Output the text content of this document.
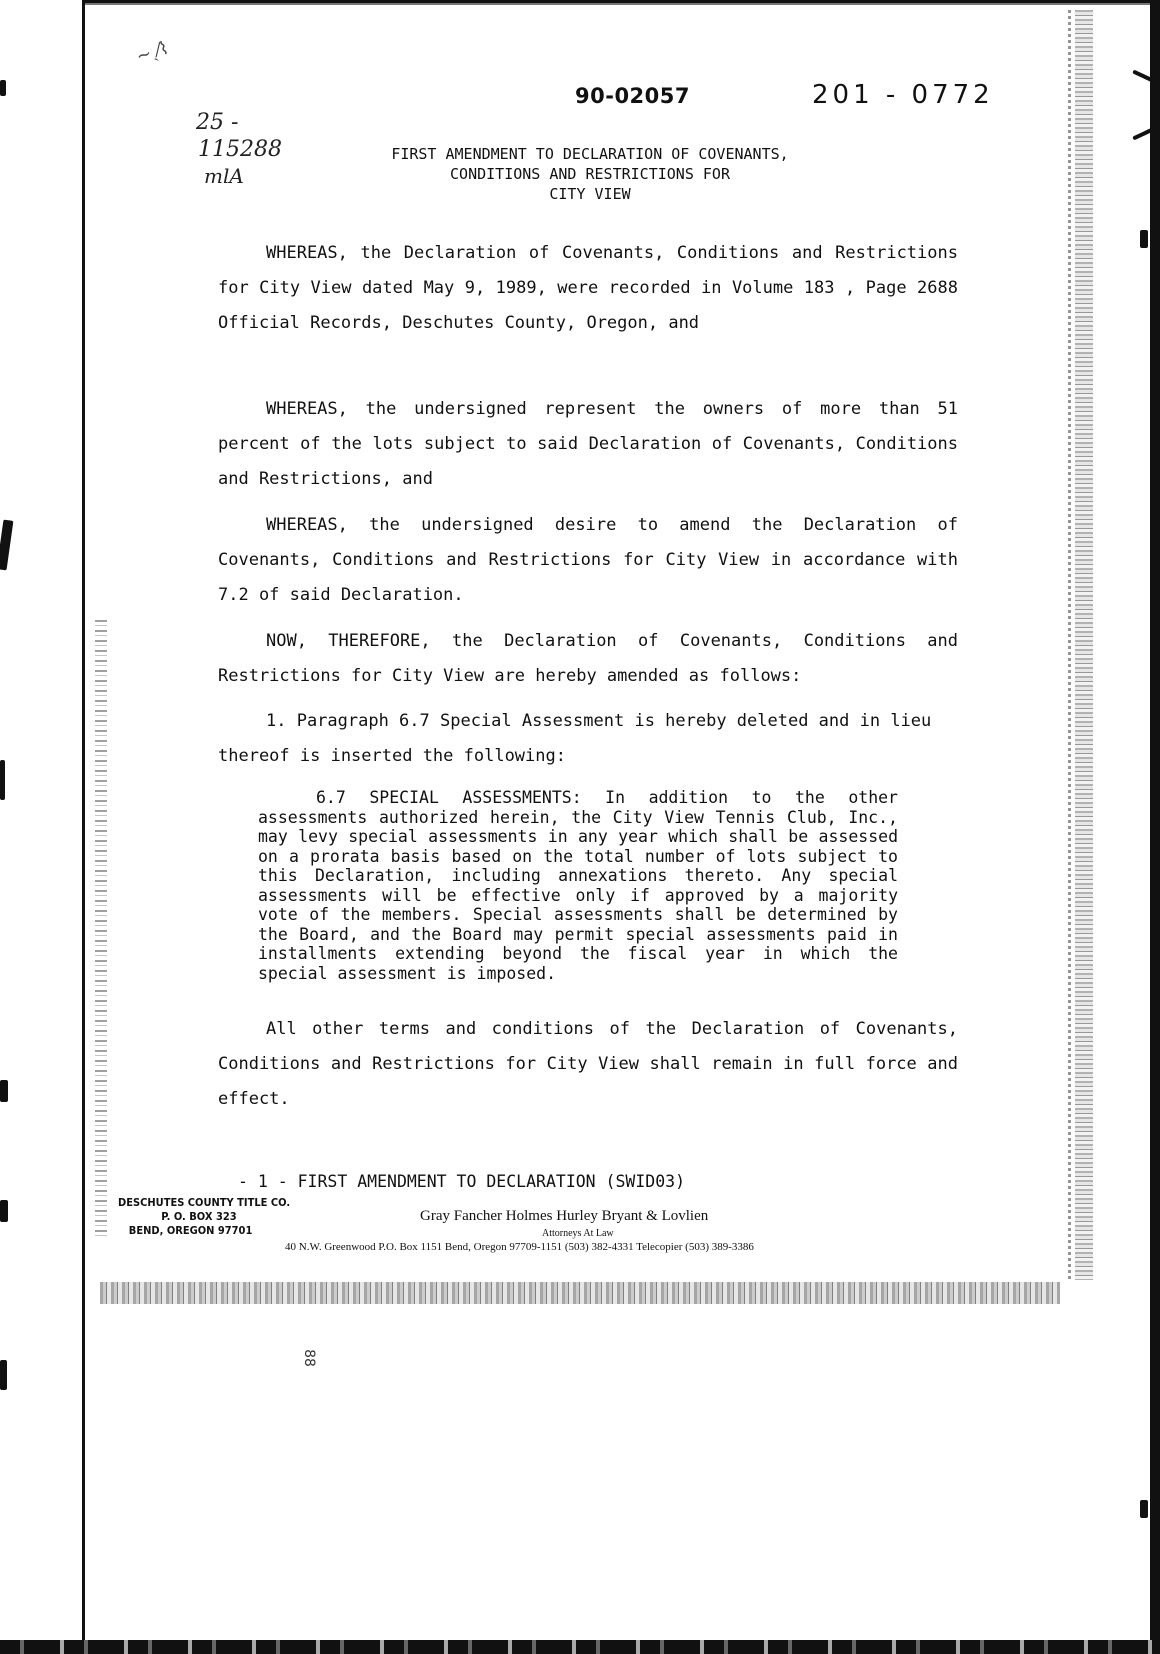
~ˏ⁄⌇
90-02057	201 - 0772
25 -
115288
mlA
FIRST AMENDMENT TO DECLARATION OF COVENANTS,
CONDITIONS AND RESTRICTIONS FOR
CITY VIEW
WHEREAS, the Declaration of Covenants, Conditions and Restrictions for City View dated May 9, 1989, were recorded in Volume 183 , Page 2688 Official Records, Deschutes County, Oregon, and
WHEREAS, the undersigned represent the owners of more than 51 percent of the lots subject to said Declaration of Covenants, Conditions and Restrictions, and
WHEREAS, the undersigned desire to amend the Declaration of Covenants, Conditions and Restrictions for City View in accordance with 7.2 of said Declaration.
NOW, THEREFORE, the Declaration of Covenants, Conditions and Restrictions for City View are hereby amended as follows:
1. Paragraph 6.7 Special Assessment is hereby deleted and in lieu thereof is inserted the following:
6.7 SPECIAL ASSESSMENTS: In addition to the other assessments authorized herein, the City View Tennis Club, Inc., may levy special assessments in any year which shall be assessed on a prorata basis based on the total number of lots subject to this Declaration, including annexations thereto. Any special assessments will be effective only if approved by a majority vote of the members. Special assessments shall be determined by the Board, and the Board may permit special assessments paid in installments extending beyond the fiscal year in which the special assessment is imposed.
All other terms and conditions of the Declaration of Covenants, Conditions and Restrictions for City View shall remain in full force and effect.
- 1 - FIRST AMENDMENT TO DECLARATION (SWID03)
DESCHUTES COUNTY TITLE CO.
P. O. BOX 323
BEND, OREGON 97701
Gray Fancher Holmes Hurley Bryant & Lovlien
Attorneys At Law
40 N.W. Greenwood P.O. Box 1151 Bend, Oregon 97709-1151 (503) 382-4331 Telecopier (503) 389-3386
88
